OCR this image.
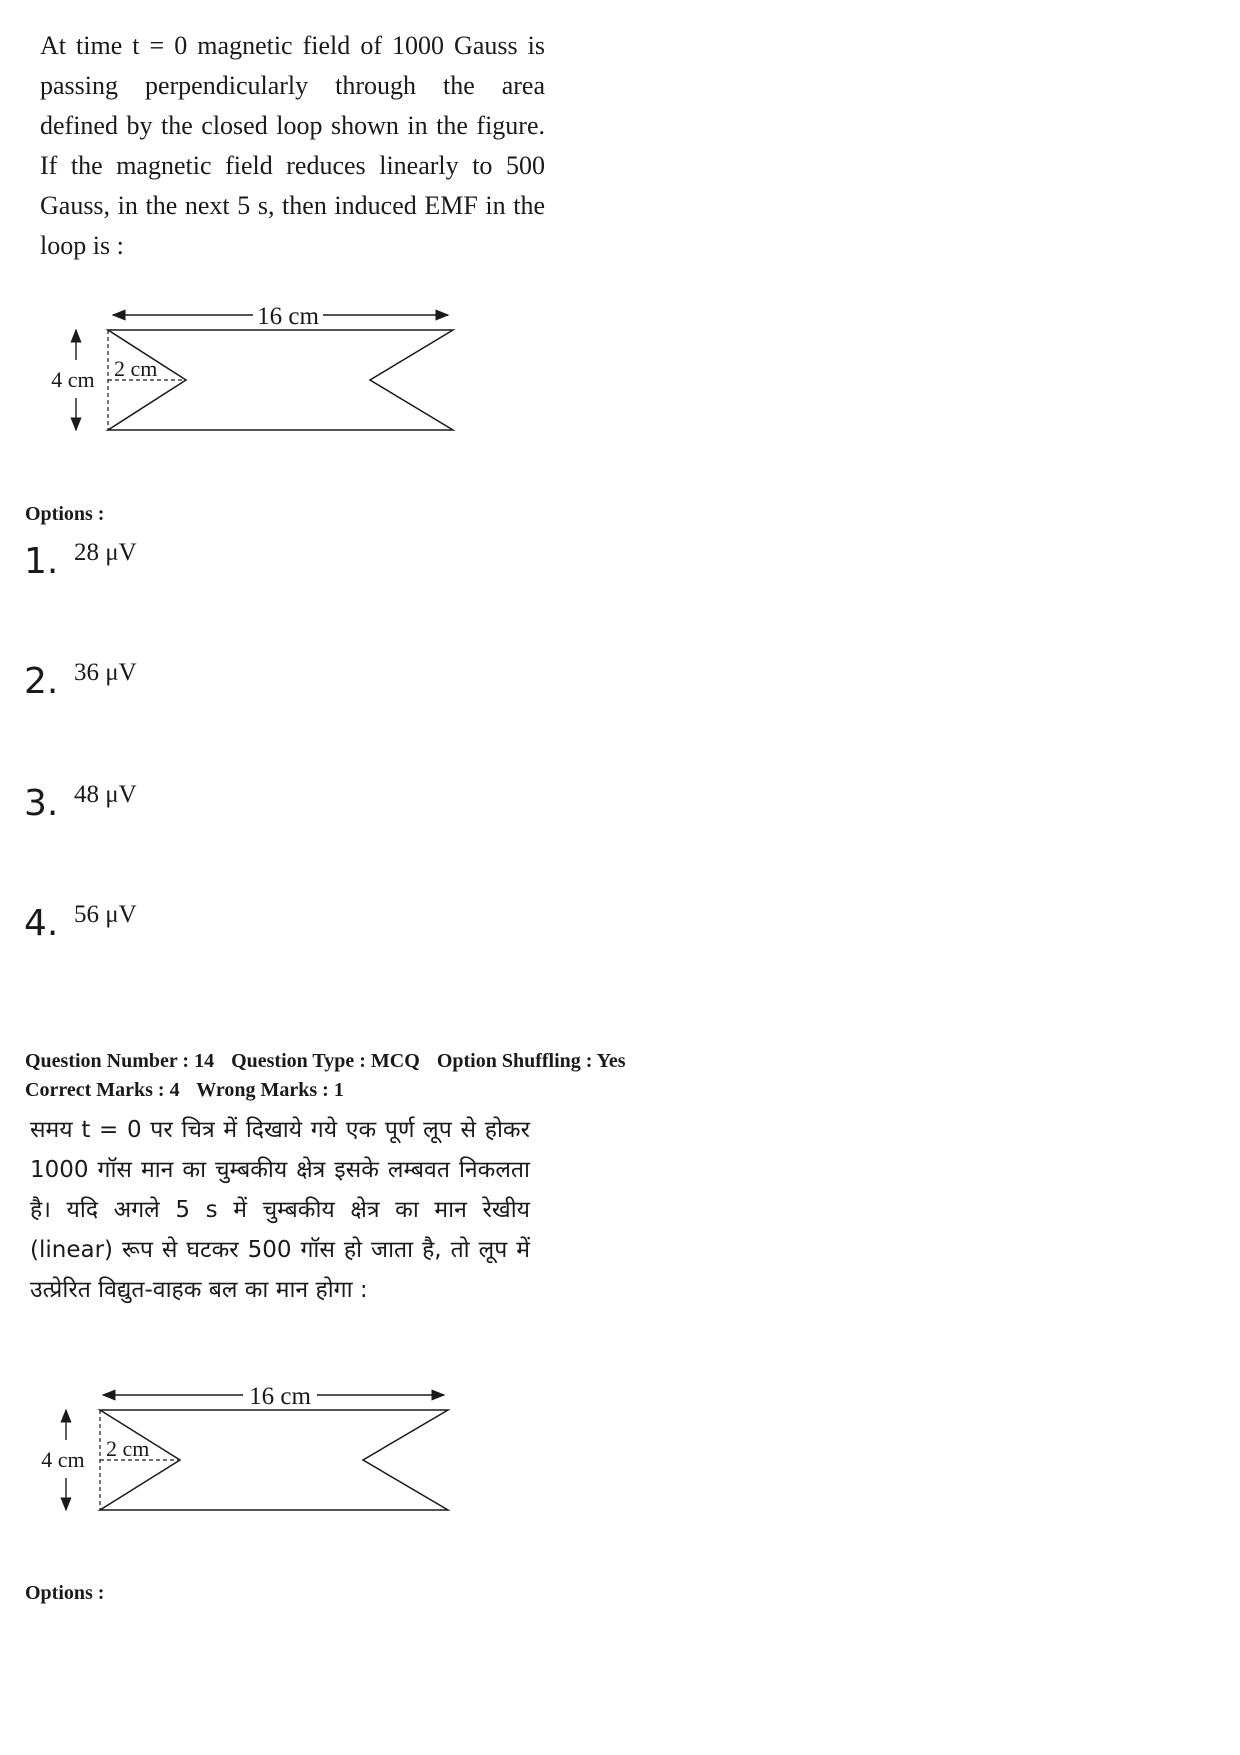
At time t = 0 magnetic field of 1000 Gauss is passing perpendicularly through the area defined by the closed loop shown in the figure. If the magnetic field reduces linearly to 500 Gauss, in the next 5 s, then induced EMF in the loop is :
16 cm
2 cm
4 cm
Options :
1. 28 μV
2. 36 μV
3. 48 μV
4. 56 μV
Question Number : 14 Question Type : MCQ Option Shuffling : Yes
Correct Marks : 4 Wrong Marks : 1
समय t = 0 पर चित्र में दिखाये गये एक पूर्ण लूप से होकर 1000 गॉस मान का चुम्बकीय क्षेत्र इसके लम्बवत निकलता है। यदि अगले 5 s में चुम्बकीय क्षेत्र का मान रेखीय (linear) रूप से घटकर 500 गॉस हो जाता है, तो लूप में उत्प्रेरित विद्युत-वाहक बल का मान होगा :
16 cm
2 cm
4 cm
Options :
